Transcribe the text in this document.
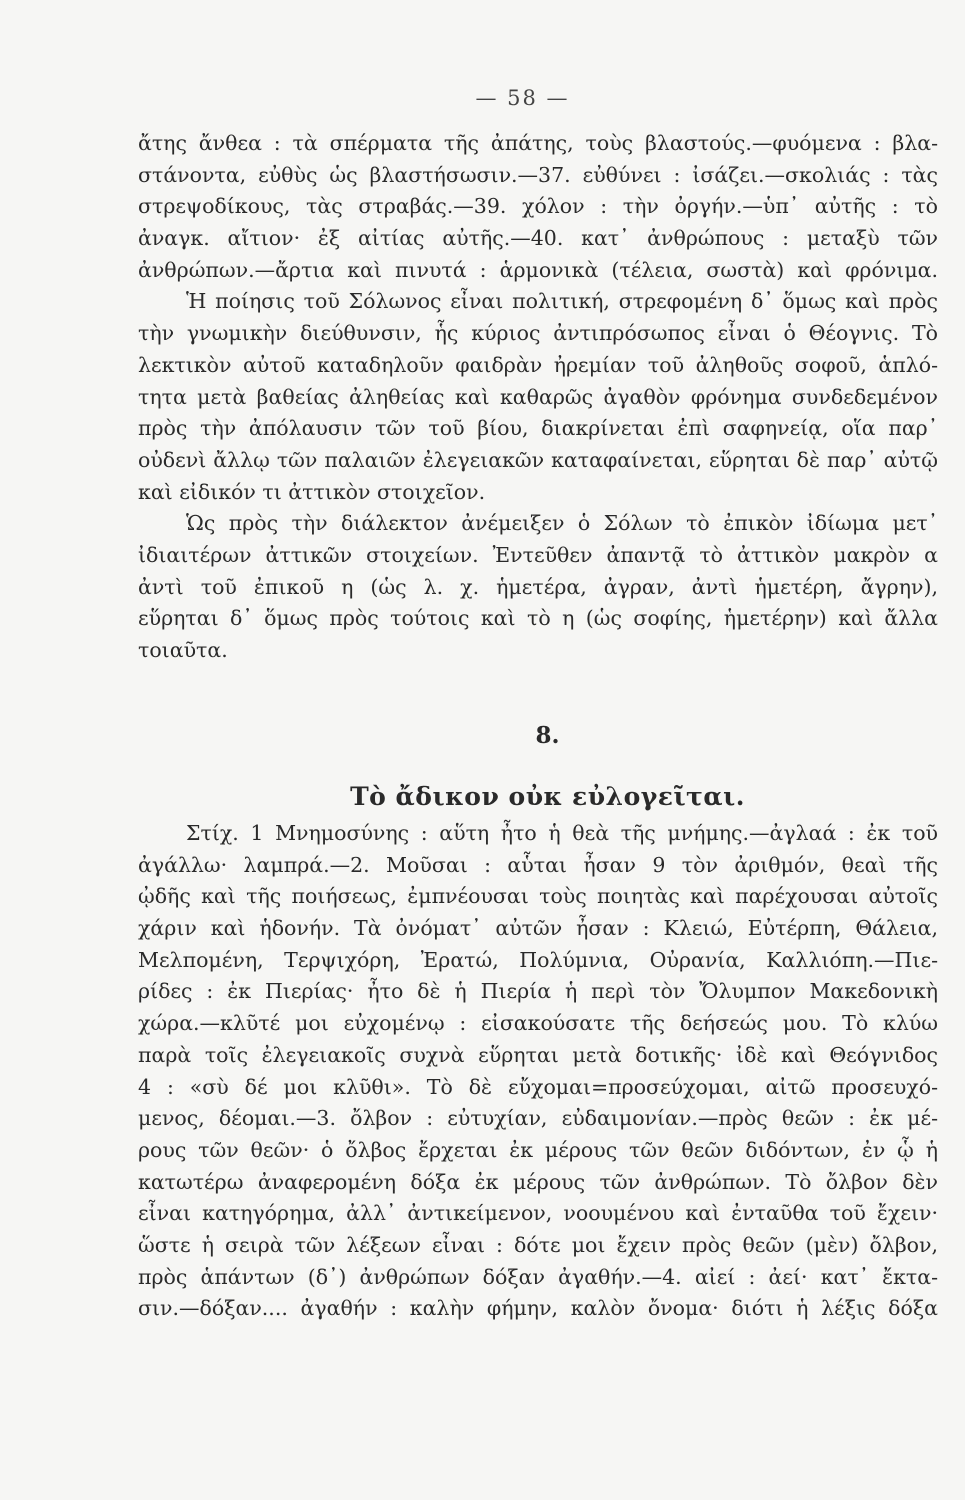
— 58 —
ἄτης ἄνθεα : τὰ σπέρματα τῆς ἀπάτης, τοὺς βλαστούς.—φυόμενα : βλα-
στάνοντα, εὐθὺς ὡς βλαστήσωσιν.—37. εὐθύνει : ἰσάζει.—σκολιάς : τὰς
στρεψοδίκους, τὰς στραβάς.—39. χόλον : τὴν ὀργήν.—ὑπ᾽ αὐτῆς : τὸ
ἀναγκ. αἴτιον· ἐξ αἰτίας αὐτῆς.—40. κατ᾽ ἀνθρώπους : μεταξὺ τῶν
ἀνθρώπων.—ἄρτια καὶ πινυτά : ἁρμονικὰ (τέλεια, σωστὰ) καὶ φρόνιμα.
Ἡ ποίησις τοῦ Σόλωνος εἶναι πολιτική, στρεφομένη δ᾽ ὅμως καὶ πρὸς
τὴν γνωμικὴν διεύθυνσιν, ἧς κύριος ἀντιπρόσωπος εἶναι ὁ Θέογνις. Τὸ
λεκτικὸν αὐτοῦ καταδηλοῦν φαιδρὰν ἠρεμίαν τοῦ ἀληθοῦς σοφοῦ, ἁπλό-
τητα μετὰ βαθείας ἀληθείας καὶ καθαρῶς ἀγαθὸν φρόνημα συνδεδεμένον
πρὸς τὴν ἀπόλαυσιν τῶν τοῦ βίου, διακρίνεται ἐπὶ σαφηνείᾳ, οἵα παρ᾽
οὐδενὶ ἄλλῳ τῶν παλαιῶν ἐλεγειακῶν καταφαίνεται, εὕρηται δὲ παρ᾽ αὐτῷ
καὶ εἰδικόν τι ἀττικὸν στοιχεῖον.
Ὡς πρὸς τὴν διάλεκτον ἀνέμειξεν ὁ Σόλων τὸ ἐπικὸν ἰδίωμα μετ᾽
ἰδιαιτέρων ἀττικῶν στοιχείων. Ἐντεῦθεν ἀπαντᾷ τὸ ἀττικὸν μακρὸν α
ἀντὶ τοῦ ἐπικοῦ η (ὡς λ. χ. ἡμετέρα, ἀγραν, ἀντὶ ἡμετέρη, ἄγρην),
εὕρηται δ᾽ ὅμως πρὸς τούτοις καὶ τὸ η (ὡς σοφίης, ἡμετέρην) καὶ ἄλλα
τοιαῦτα.
8.
Τὸ ἄδικον οὐκ εὐλογεῖται.
Στίχ. 1 Μνημοσύνης : αὕτη ἦτο ἡ θεὰ τῆς μνήμης.—ἀγλαά : ἐκ τοῦ
ἀγάλλω· λαμπρά.—2. Μοῦσαι : αὗται ἦσαν 9 τὸν ἀριθμόν, θεαὶ τῆς
ᾠδῆς καὶ τῆς ποιήσεως, ἐμπνέουσαι τοὺς ποιητὰς καὶ παρέχουσαι αὐτοῖς
χάριν καὶ ἡδονήν. Τὰ ὀνόματ᾽ αὐτῶν ἦσαν : Κλειώ, Εὐτέρπη, Θάλεια,
Μελπομένη, Τερψιχόρη, Ἐρατώ, Πολύμνια, Οὐρανία, Καλλιόπη.—Πιε-
ρίδες : ἐκ Πιερίας· ἦτο δὲ ἡ Πιερία ἡ περὶ τὸν Ὄλυμπον Μακεδονικὴ
χώρα.—κλῦτέ μοι εὐχομένῳ : εἰσακούσατε τῆς δεήσεώς μου. Τὸ κλύω
παρὰ τοῖς ἐλεγειακοῖς συχνὰ εὕρηται μετὰ δοτικῆς· ἰδὲ καὶ Θεόγνιδος
4 : «σὺ δέ μοι κλῦθι». Τὸ δὲ εὔχομαι=προσεύχομαι, αἰτῶ προσευχό-
μενος, δέομαι.—3. ὄλβον : εὐτυχίαν, εὐδαιμονίαν.—πρὸς θεῶν : ἐκ μέ-
ρους τῶν θεῶν· ὁ ὄλβος ἔρχεται ἐκ μέρους τῶν θεῶν διδόντων, ἐν ᾧ ἡ
κατωτέρω ἀναφερομένη δόξα ἐκ μέρους τῶν ἀνθρώπων. Τὸ ὄλβον δὲν
εἶναι κατηγόρημα, ἀλλ᾽ ἀντικείμενον, νοουμένου καὶ ἐνταῦθα τοῦ ἔχειν·
ὥστε ἡ σειρὰ τῶν λέξεων εἶναι : δότε μοι ἔχειν πρὸς θεῶν (μὲν) ὄλβον,
πρὸς ἁπάντων (δ᾽) ἀνθρώπων δόξαν ἀγαθήν.—4. αἰεί : ἀεί· κατ᾽ ἔκτα-
σιν.—δόξαν.... ἀγαθήν : καλὴν φήμην, καλὸν ὄνομα· διότι ἡ λέξις δόξα
